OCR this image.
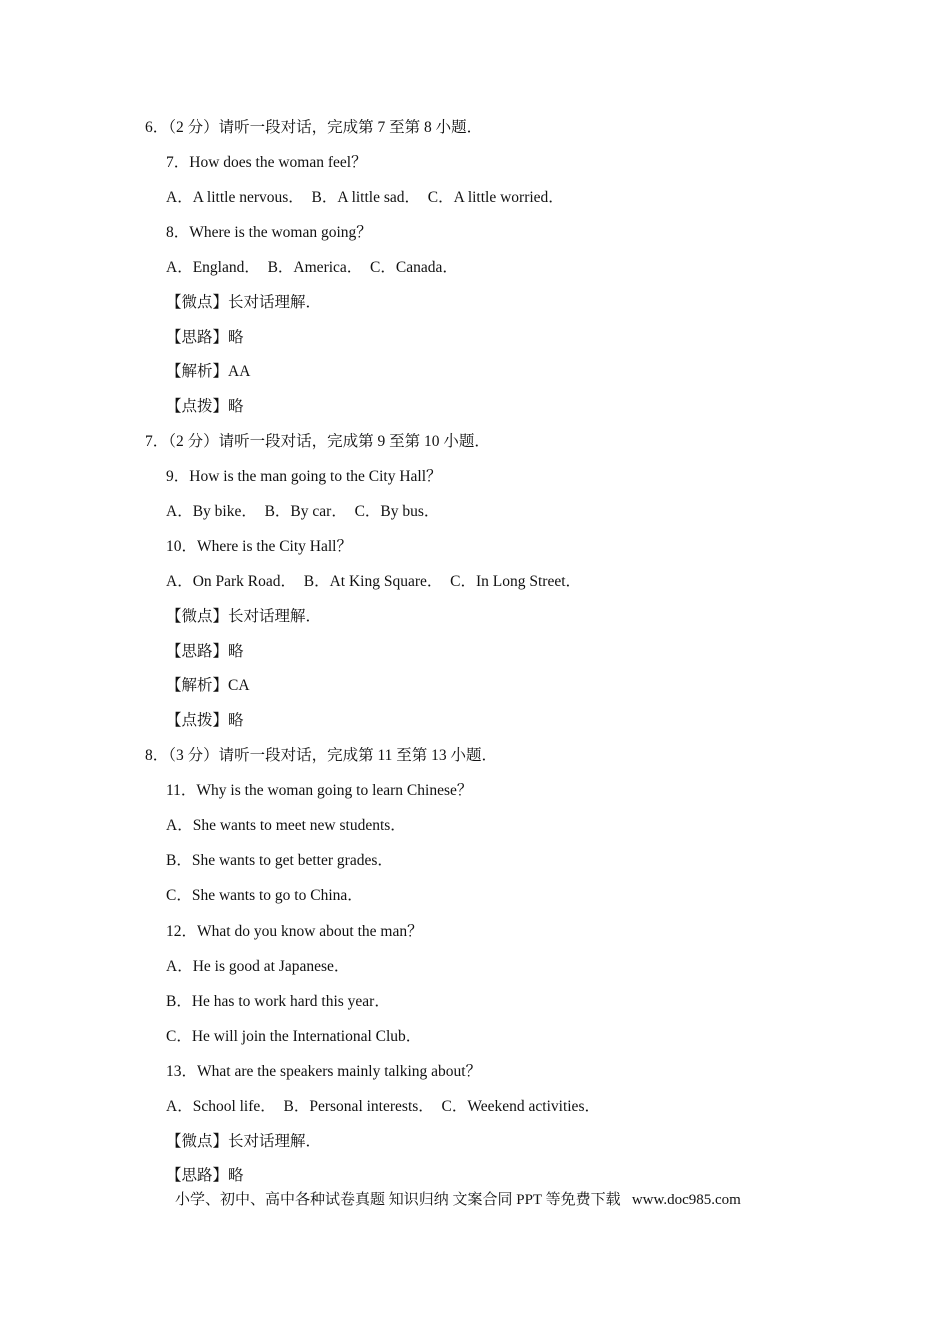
6．（2 分）请听一段对话，完成第 7 至第 8 小题．
7．How does the woman feel？
A．A little nervous．　B．A little sad．　C．A little worried．
8．Where is the woman going？
A．England．　B．America．　C．Canada．
【微点】长对话理解．
【思路】略
【解析】AA
【点拨】略
7．（2 分）请听一段对话，完成第 9 至第 10 小题．
9．How is the man going to the City Hall？
A．By bike．　B．By car．　C．By bus．
10．Where is the City Hall？
A．On Park Road．　B．At King Square．　C．In Long Street．
【微点】长对话理解．
【思路】略
【解析】CA
【点拨】略
8．（3 分）请听一段对话，完成第 11 至第 13 小题．
11．Why is the woman going to learn Chinese？
A．She wants to meet new students．
B．She wants to get better grades．
C．She wants to go to China．
12．What do you know about the man？
A．He is good at Japanese．
B．He has to work hard this year．
C．He will join the International Club．
13．What are the speakers mainly talking about？
A．School life．　B．Personal interests．　C．Weekend activities．
【微点】长对话理解．
【思路】略
小学、初中、高中各种试卷真题 知识归纳 文案合同 PPT 等免费下载   www.doc985.com
